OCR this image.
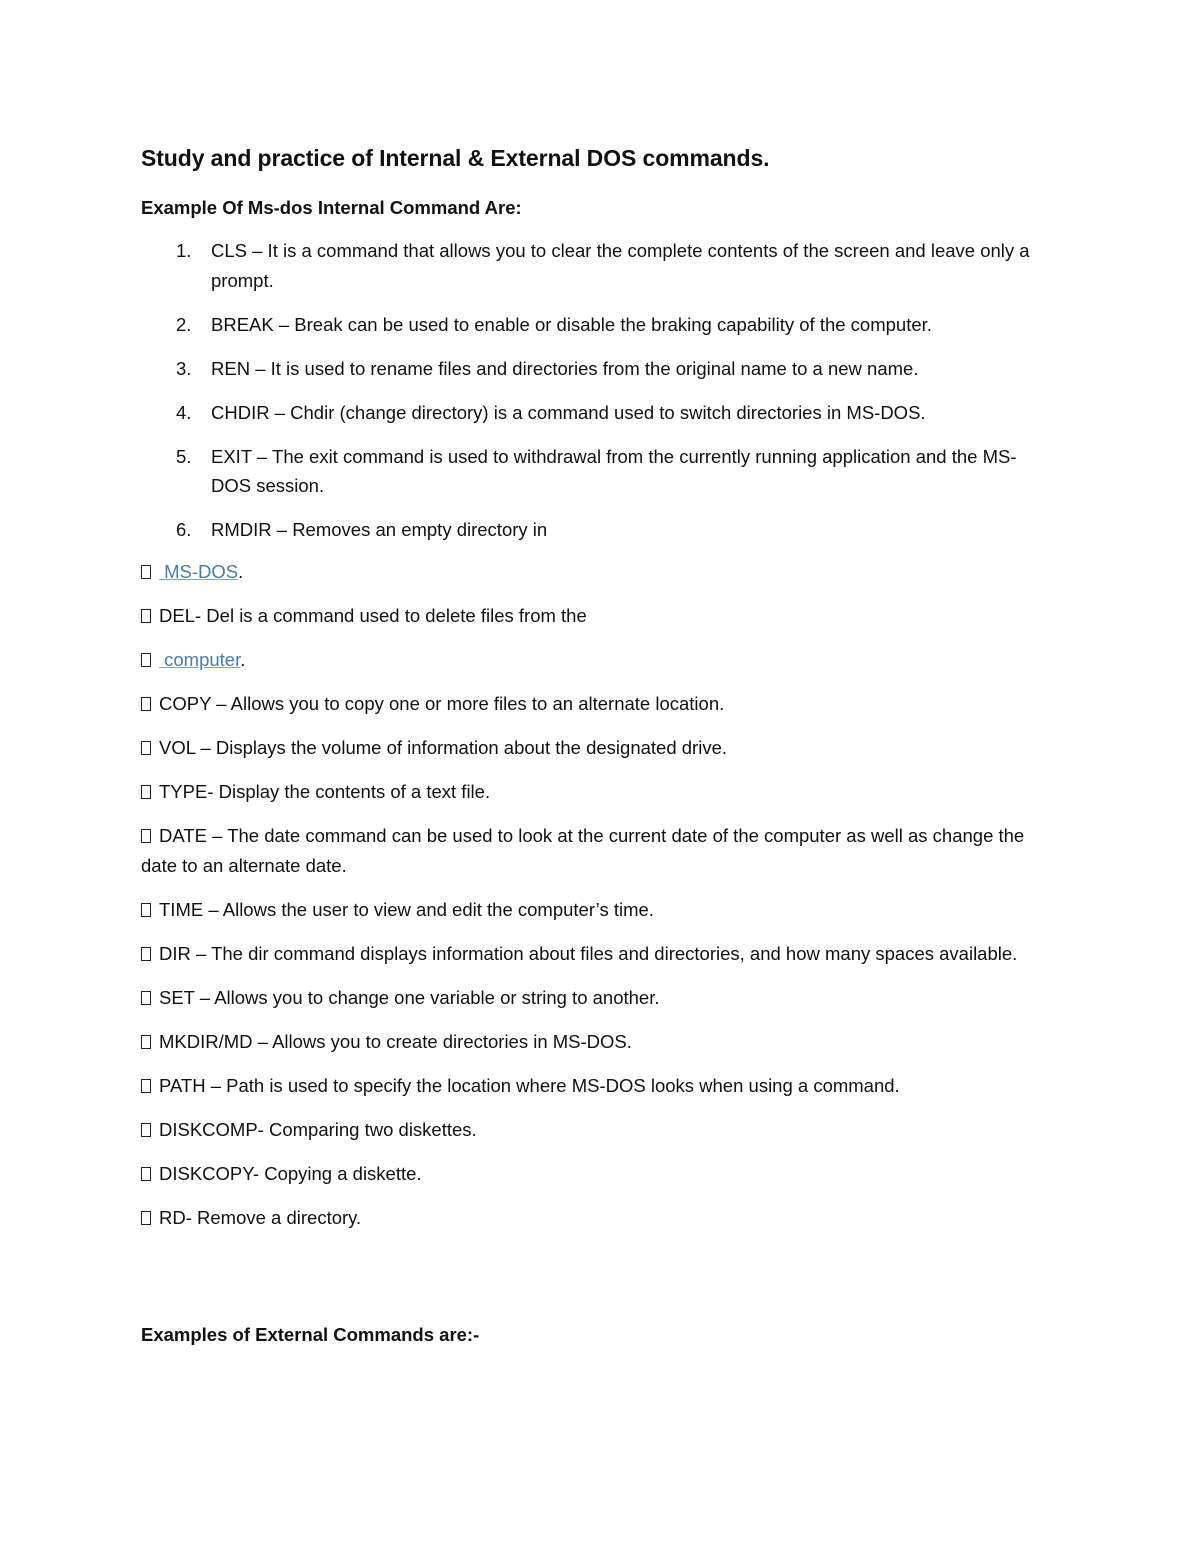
Study and practice of Internal & External DOS commands.
Example Of Ms-dos Internal Command Are:
1. CLS – It is a command that allows you to clear the complete contents of the screen and leave only a prompt.
2. BREAK – Break can be used to enable or disable the braking capability of the computer.
3. REN – It is used to rename files and directories from the original name to a new name.
4. CHDIR – Chdir (change directory) is a command used to switch directories in MS-DOS.
5. EXIT – The exit command is used to withdrawal from the currently running application and the MS-DOS session.
6. RMDIR – Removes an empty directory in
MS-DOS.
DEL- Del is a command used to delete files from the
computer.
COPY – Allows you to copy one or more files to an alternate location.
VOL – Displays the volume of information about the designated drive.
TYPE- Display the contents of a text file.
DATE – The date command can be used to look at the current date of the computer as well as change the date to an alternate date.
TIME – Allows the user to view and edit the computer’s time.
DIR – The dir command displays information about files and directories, and how many spaces available.
SET – Allows you to change one variable or string to another.
MKDIR/MD – Allows you to create directories in MS-DOS.
PATH – Path is used to specify the location where MS-DOS looks when using a command.
DISKCOMP- Comparing two diskettes.
DISKCOPY- Copying a diskette.
RD- Remove a directory.
Examples of External Commands are:-
